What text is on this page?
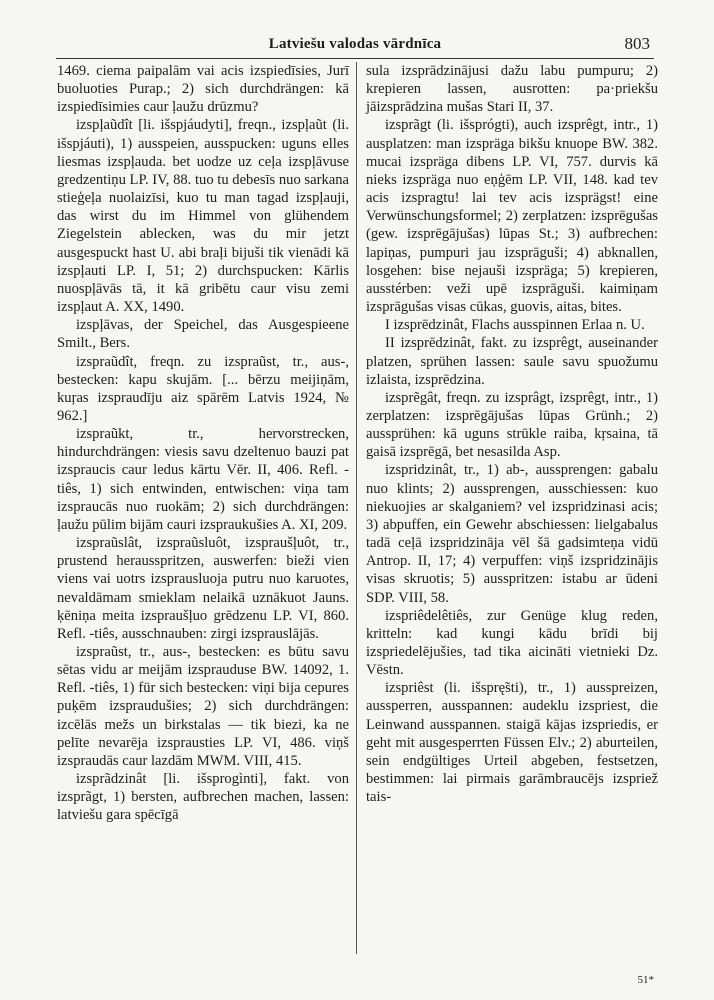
Latviešu valodas vārdnīca	803

1469. ciema paipalām vai acis izspiedīsies, Jurī buoluoties Purap.; 2) sich durchdrängen: kā izspiedīsimies caur ļaužu drūzmu?

izspļaũdît [li. išspjáudyti], freqn., izspļaũt (li. išspjáuti), 1) ausspeien, ausspucken: uguns elles liesmas izspļauda. bet uodze uz ceļa izspļāvuse gredzentiņu LP. IV, 88. tuo tu debesīs nuo sarkana stieģeļa nuolaizīsi, kuo tu man tagad izspļauji, das wirst du im Himmel von glühendem Ziegelstein ablecken, was du mir jetzt ausgespuckt hast U. abi braļi bijuši tik vienādi kā izspļauti LP. I, 51; 2) durchspucken: Kārlis nuospļāvās tā, it kā gribētu caur visu zemi izspļaut A. XX, 1490.

izspļāvas, der Speichel, das Ausgespieene Smilt., Bers.

izspraũdît, freqn. zu izspraũst, tr., aus-, bestecken: kapu skujām. [... bērzu meijiņām, kuŗas izspraudīju aiz spārēm Latvis 1924, № 962.]

izspraũkt, tr., hervorstrecken, hindurchdrängen: viesis savu dzeltenuo bauzi pat izspraucis caur ledus kārtu Vēr. II, 406. Refl. -tiês, 1) sich entwinden, entwischen: viņa tam izspraucās nuo ruokām; 2) sich durchdrängen: ļaužu pūlim bijām cauri izspraukušies A. XI, 209.

izspraũslât, izspraũsluôt, izspraušļuôt, tr., prustend herausspritzen, auswerfen: bieži vien viens vai uotrs izsprausluoja putru nuo karuotes, nevaldāmam smieklam nelaikā uznākuot Jauns. ķēniņa meita izspraušļuo grēdzenu LP. VI, 860. Refl. -tiês, ausschnauben: zirgi izsprauslājās.

izspraũst, tr., aus-, bestecken: es būtu savu sētas vidu ar meijām izsprauduse BW. 14092, 1. Refl. -tiês, 1) für sich bestecken: viņi bija cepures puķēm izspraudušies; 2) sich durchdrängen: izcēlās mežs un birkstalas — tik biezi, ka ne pelīte nevarēja izsprausties LP. VI, 486. viņš izspraudās caur lazdām MWM. VIII, 415.

izsprãdzinât [li. išsprogìnti], fakt. von izsprãgt, 1) bersten, aufbrechen machen, lassen: latviešu gara spēcīgā

sula izsprādzinājusi dažu labu pumpuru; 2) krepieren lassen, ausrotten: pa·priekšu jāizsprādzina mušas Stari II, 37.

izsprãgt (li. išsprógti), auch izsprêgt, intr., 1) ausplatzen: man izspräga bikšu knuope BW. 382. mucai izspräga dibens LP. VI, 757. durvis kā nieks izspräga nuo eņģēm LP. VII, 148. kad tev acis izspragtu! lai tev acis izsprägst! eine Verwünschungsformel; 2) zerplatzen: izsprēgušas (gew. izsprēgājušas) lūpas St.; 3) aufbrechen: lapiņas, pumpuri jau izsprāguši; 4) abknallen, losgehen: bise nejauši izspräga; 5) krepieren, ausstérben: veži upē izsprāguši. kaimiņam izsprāgušas visas cūkas, guovis, aitas, bites.

I izsprēdzinât, Flachs ausspinnen Erlaa n. U.

II izsprēdzinât, fakt. zu izsprêgt, auseinander platzen, sprühen lassen: saule savu spuožumu izlaista, izsprēdzina.

izsprẽgât, freqn. zu izsprâgt, izsprêgt, intr., 1) zerplatzen: izsprēgājušas lūpas Grünh.; 2) aussprühen: kā uguns strūkle raiba, kŗsaina, tā gaisā izsprēgā, bet nesasilda Asp.

izspridzinât, tr., 1) ab-, aussprengen: gabalu nuo klints; 2) aussprengen, ausschiessen: kuo niekuojies ar skalganiem? vel izspridzinasi acis; 3) abpuffen, ein Gewehr abschiessen: lielgabalus tadā ceļā izspridzināja vēl šā gadsimteņa vidū Antrop. II, 17; 4) verpuffen: viņš izspridzinājis visas skruotis; 5) ausspritzen: istabu ar ūdeni SDP. VIII, 58.

izspriêdelêtiês, zur Genüge klug reden, kritteln: kad kungi kādu brīdi bij izspriedelējušies, tad tika aicināti vietnieki Dz. Vēstn.

izspriêst (li. išsprę̃sti), tr., 1) ausspreizen, aussperren, ausspannen: audeklu izspriest, die Leinwand ausspannen. staigā kājas izspriedis, er geht mit ausgesperrten Füssen Elv.; 2) aburteilen, sein endgültiges Urteil abgeben, festsetzen, bestimmen: lai pirmais garāmbraucējs izspriež tais-

51*
